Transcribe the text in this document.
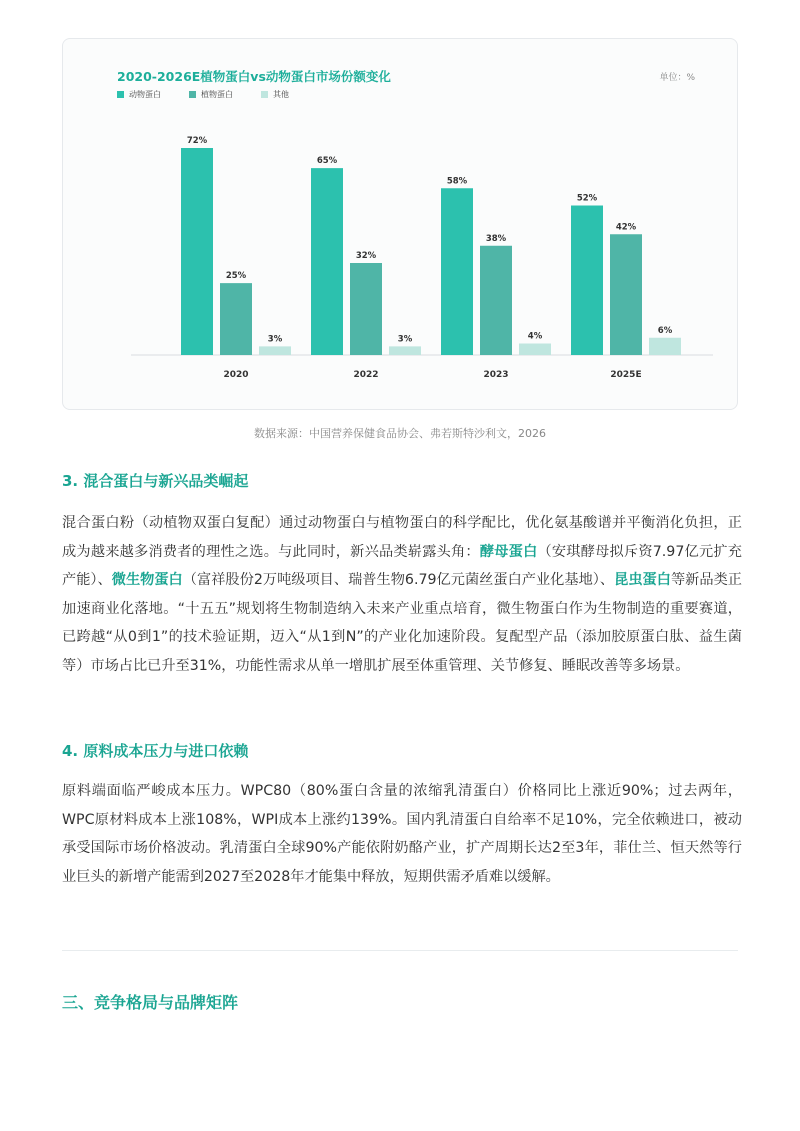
2020-2026E植物蛋白vs动物蛋白市场份额变化	单位：%
动物蛋白	植物蛋白	其他
72%
25%
3%
2020
65%
32%
3%
2022
58%
38%
4%
2023
52%
42%
6%
2025E
数据来源：中国营养保健食品协会、弗若斯特沙利文，2026
3. 混合蛋白与新兴品类崛起

混合蛋白粉（动植物双蛋白复配）通过动物蛋白与植物蛋白的科学配比，优化氨基酸谱并平衡消化负担，正成为越来越多消费者的理性之选。与此同时，新兴品类崭露头角：酵母蛋白（安琪酵母拟斥资7.97亿元扩充产能）、微生物蛋白（富祥股份2万吨级项目、瑞普生物6.79亿元菌丝蛋白产业化基地）、昆虫蛋白等新品类正加速商业化落地。“十五五”规划将生物制造纳入未来产业重点培育，微生物蛋白作为生物制造的重要赛道，已跨越“从0到1”的技术验证期，迈入“从1到N”的产业化加速阶段。复配型产品（添加胶原蛋白肽、益生菌等）市场占比已升至31%，功能性需求从单一增肌扩展至体重管理、关节修复、睡眠改善等多场景。

4. 原料成本压力与进口依赖

原料端面临严峻成本压力。WPC80（80%蛋白含量的浓缩乳清蛋白）价格同比上涨近90%；过去两年，WPC原材料成本上涨108%，WPI成本上涨约139%。国内乳清蛋白自给率不足10%，完全依赖进口，被动承受国际市场价格波动。乳清蛋白全球90%产能依附奶酪产业，扩产周期长达2至3年，菲仕兰、恒天然等行业巨头的新增产能需到2027至2028年才能集中释放，短期供需矛盾难以缓解。

三、竞争格局与品牌矩阵
